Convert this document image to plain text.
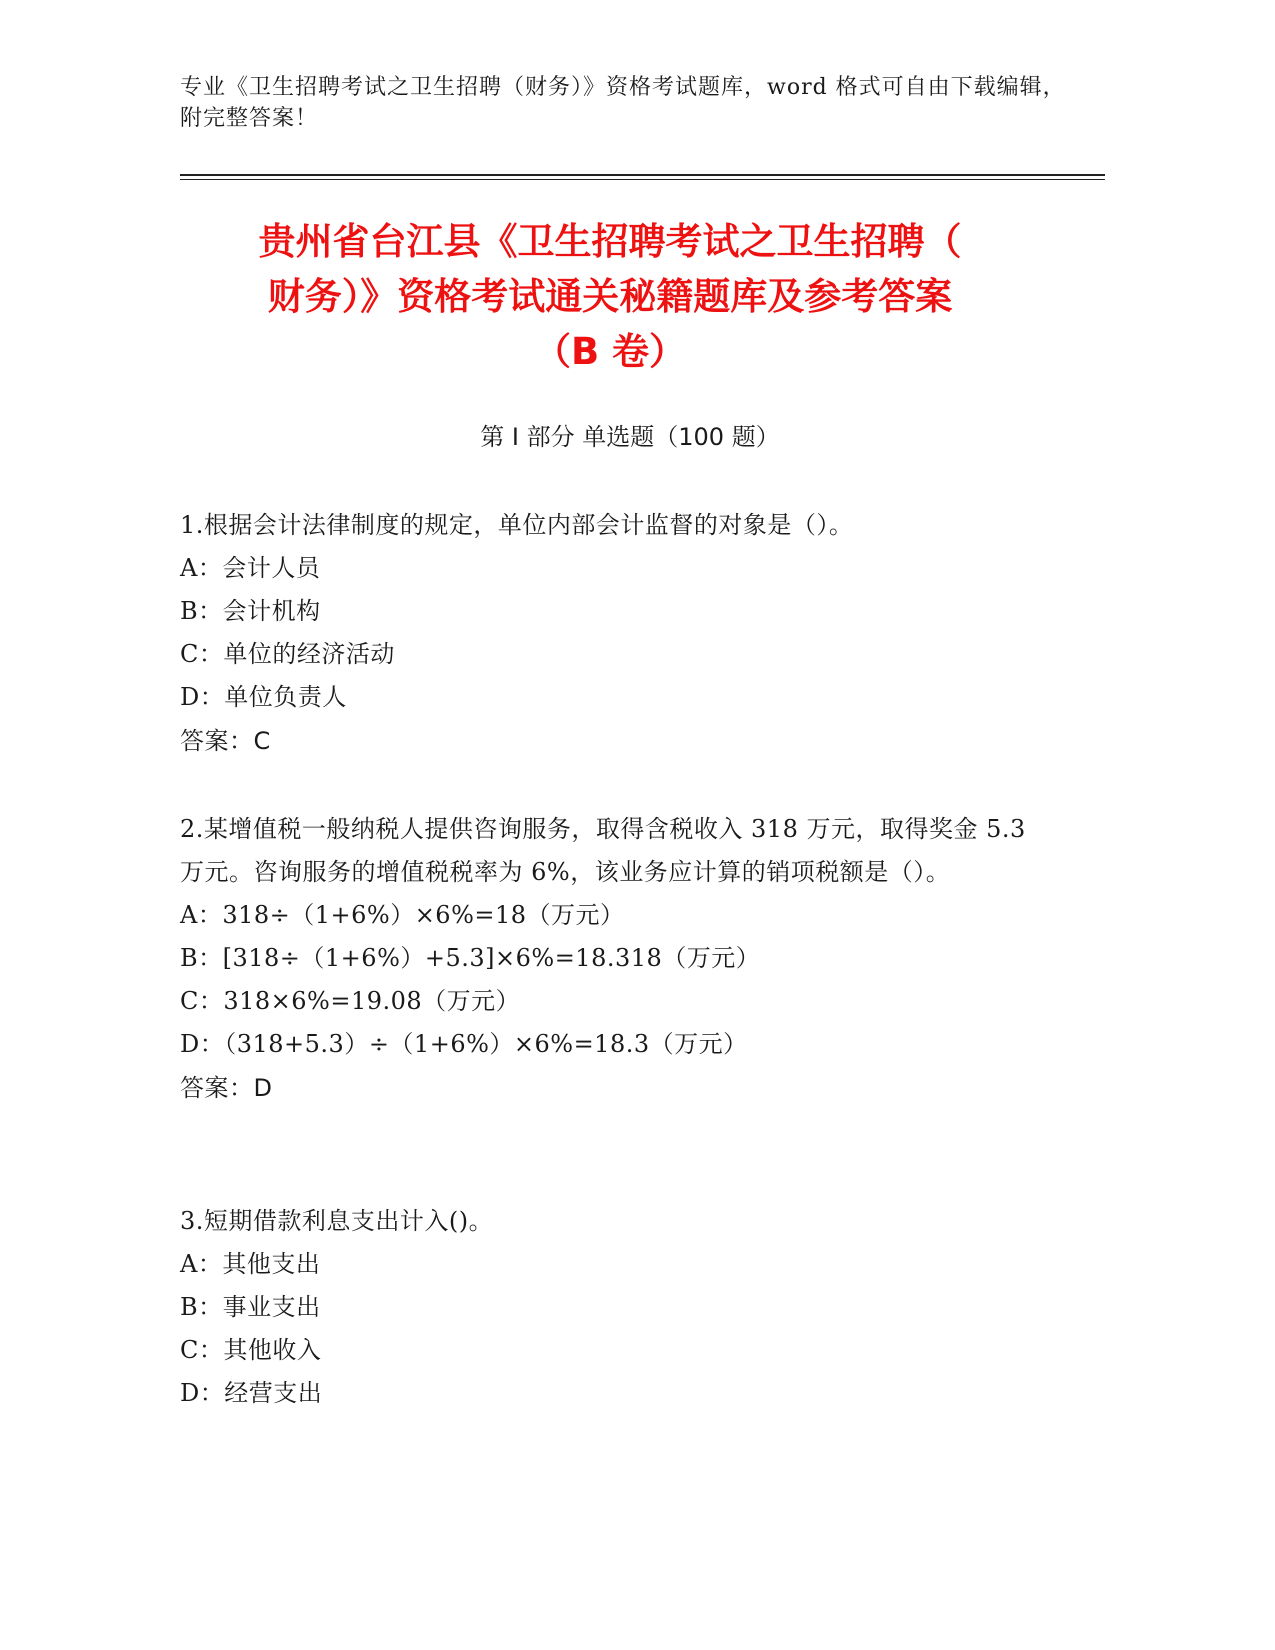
专业《卫生招聘考试之卫生招聘（财务）》资格考试题库，word 格式可自由下载编辑，附完整答案！
贵州省台江县《卫生招聘考试之卫生招聘（
财务）》资格考试通关秘籍题库及参考答案
（B 卷）
第 I 部分 单选题（100 题）
1.根据会计法律制度的规定，单位内部会计监督的对象是（）。
A：会计人员
B：会计机构
C：单位的经济活动
D：单位负责人
答案：C
2.某增值税一般纳税人提供咨询服务，取得含税收入 318 万元，取得奖金 5.3 万元。咨询服务的增值税税率为 6%，该业务应计算的销项税额是（）。
A：318÷（1+6%）×6%=18（万元）
B：[318÷（1+6%）+5.3]×6%=18.318（万元）
C：318×6%=19.08（万元）
D：（318+5.3）÷（1+6%）×6%=18.3（万元）
答案：D
3.短期借款利息支出计入()。
A：其他支出
B：事业支出
C：其他收入
D：经营支出
